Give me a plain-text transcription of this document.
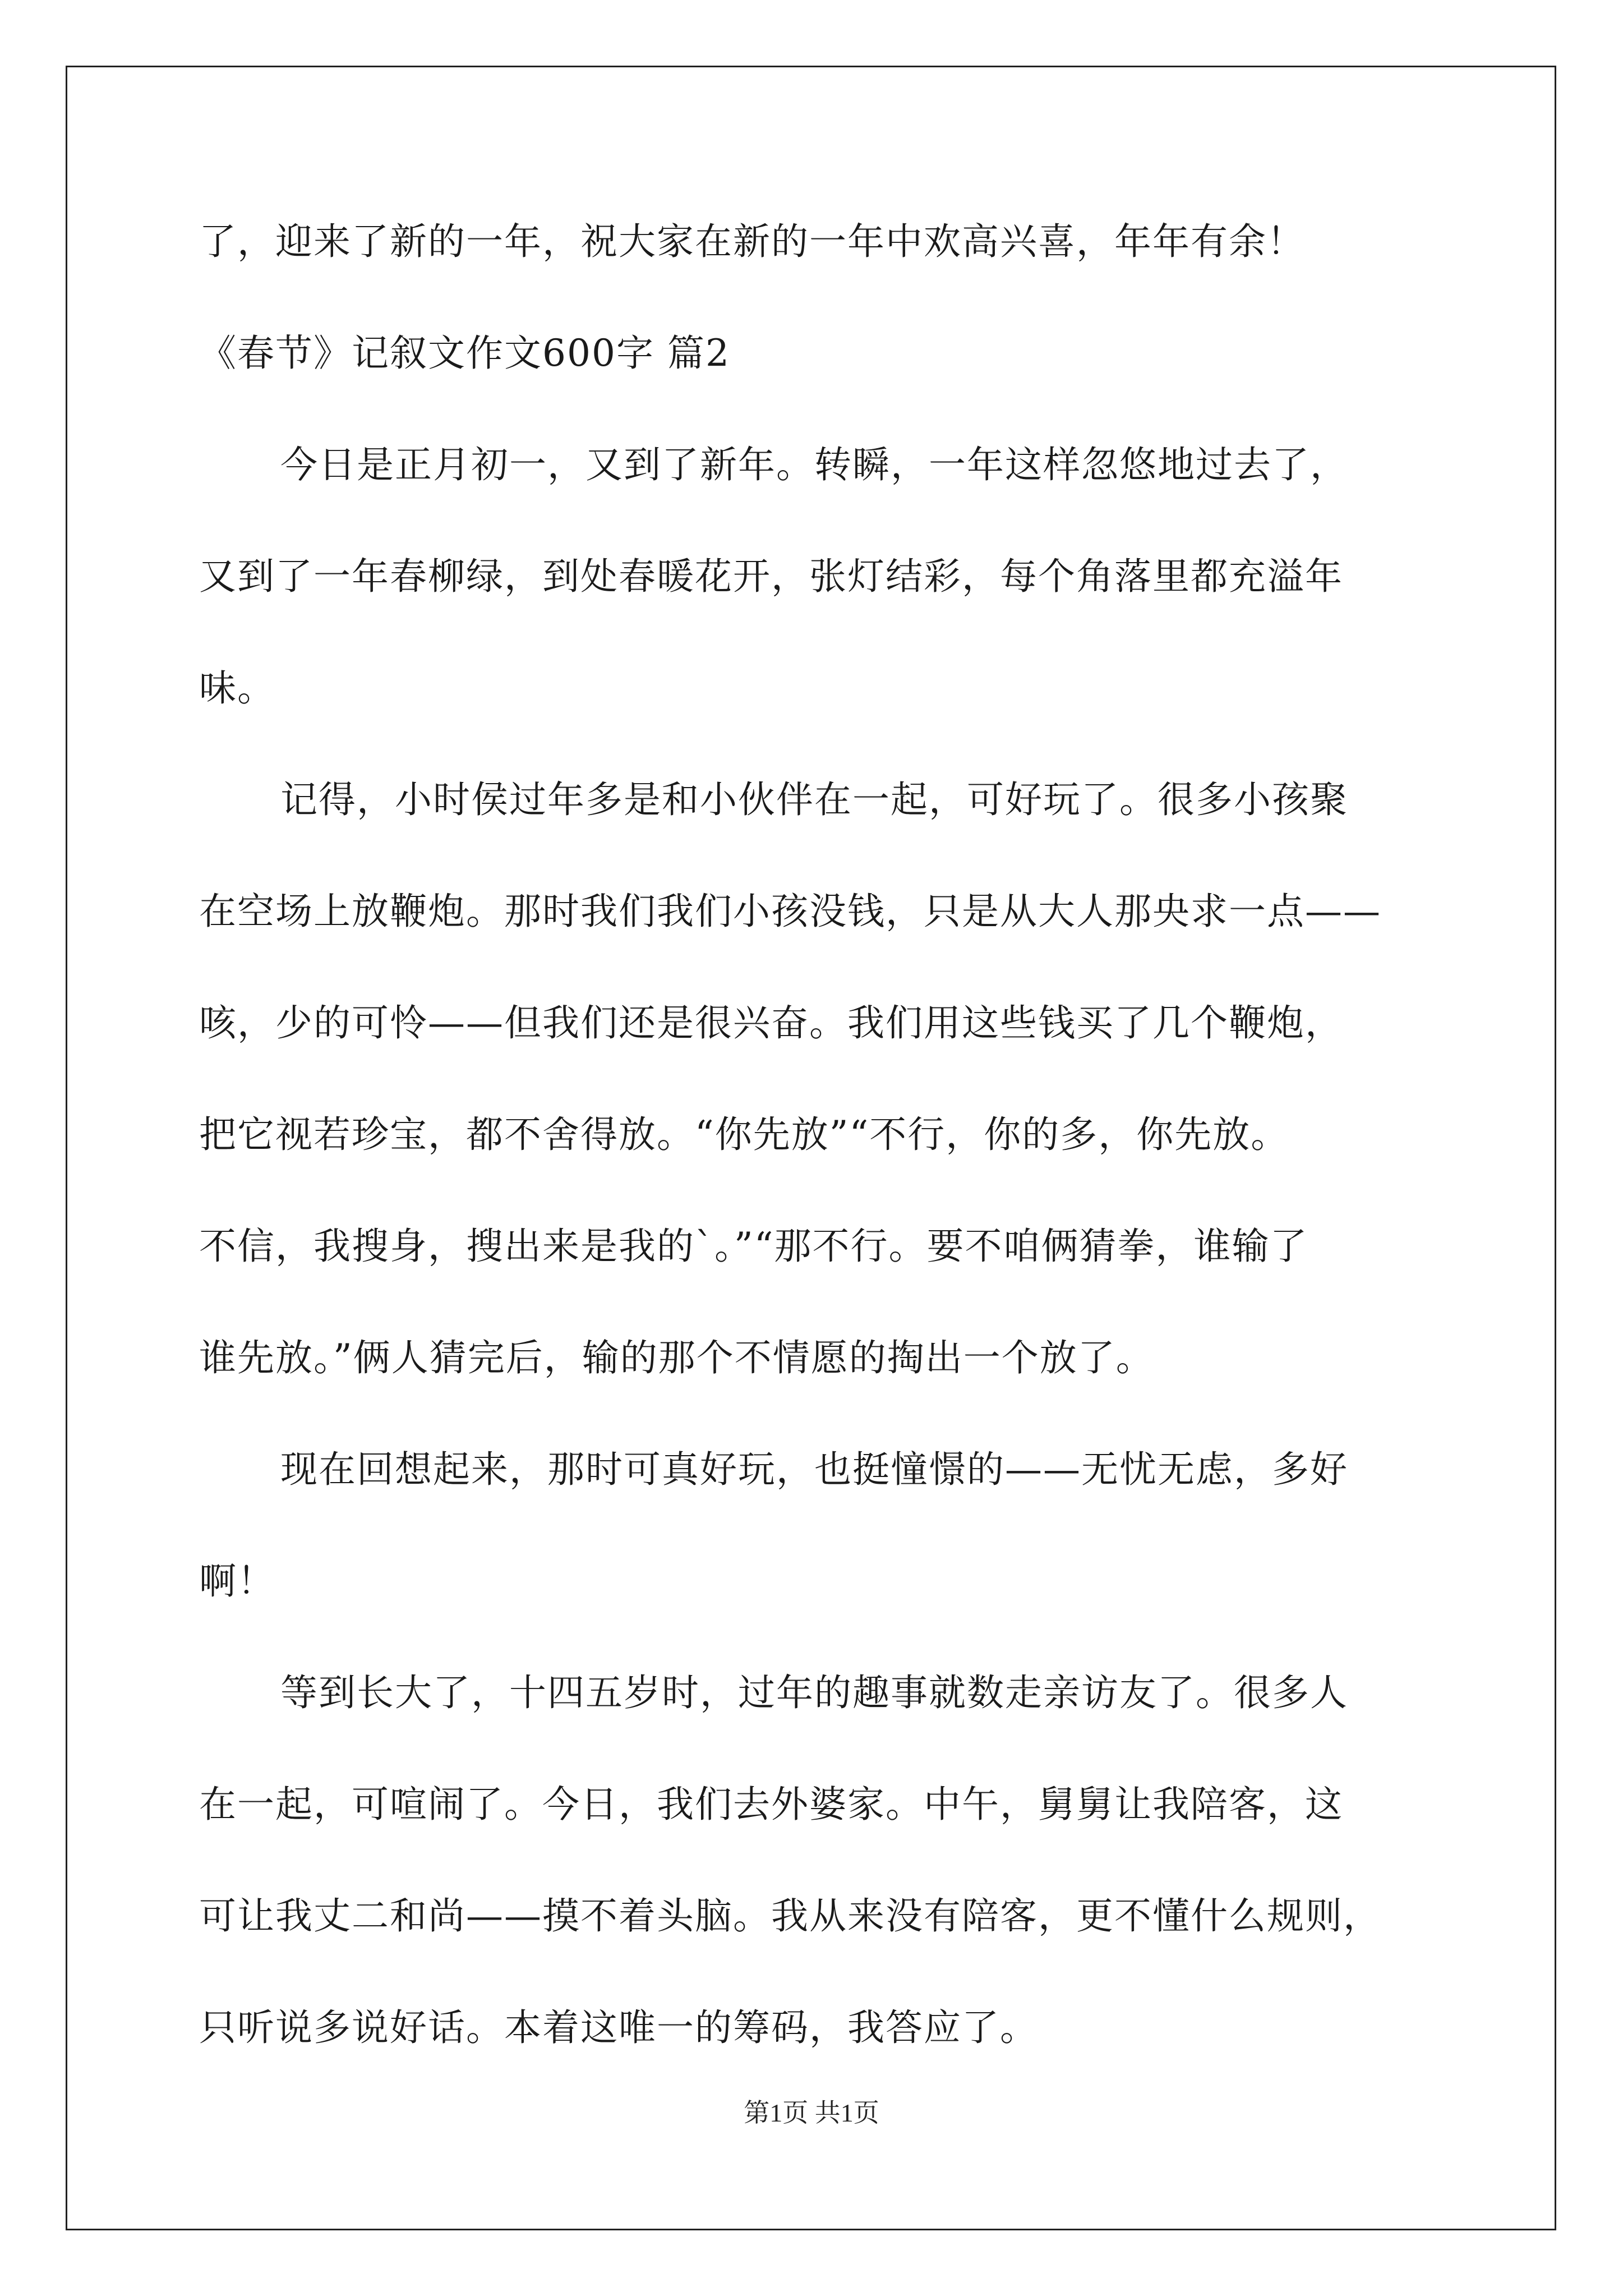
了，迎来了新的一年，祝大家在新的一年中欢高兴喜，年年有余！

《春节》记叙文作文600字 篇2

今日是正月初一，又到了新年。转瞬，一年这样忽悠地过去了，

又到了一年春柳绿，到处春暖花开，张灯结彩，每个角落里都充溢年

味。

记得，小时侯过年多是和小伙伴在一起，可好玩了。很多小孩聚

在空场上放鞭炮。那时我们我们小孩没钱，只是从大人那央求一点——

咳，少的可怜——但我们还是很兴奋。我们用这些钱买了几个鞭炮，

把它视若珍宝，都不舍得放。“你先放”“不行，你的多，你先放。

不信，我搜身，搜出来是我的`。”“那不行。要不咱俩猜拳，谁输了

谁先放。”俩人猜完后，输的那个不情愿的掏出一个放了。

现在回想起来，那时可真好玩，也挺憧憬的——无忧无虑，多好

啊！

等到长大了，十四五岁时，过年的趣事就数走亲访友了。很多人

在一起，可喧闹了。今日，我们去外婆家。中午，舅舅让我陪客，这

可让我丈二和尚——摸不着头脑。我从来没有陪客，更不懂什么规则，

只听说多说好话。本着这唯一的筹码，我答应了。

第1页 共1页
